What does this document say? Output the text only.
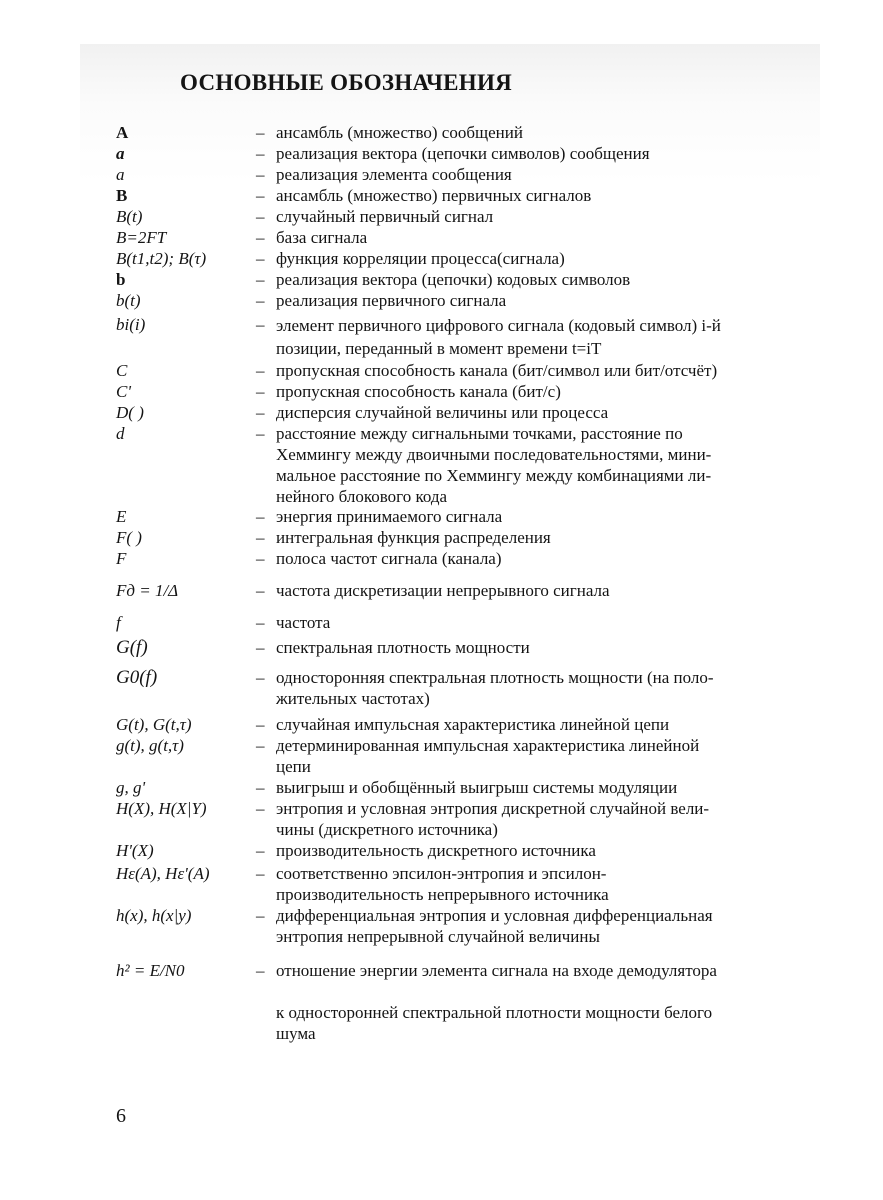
ОСНОВНЫЕ ОБОЗНАЧЕНИЯ
A	– ансамбль (множество) сообщений
a	– реализация вектора (цепочки символов) сообщения
a	– реализация элемента сообщения
B	– ансамбль (множество) первичных сигналов
B(t)	– случайный первичный сигнал
B=2FT	– база сигнала
B(t1,t2); B(τ)	– функция корреляции процесса(сигнала)
b	– реализация вектора (цепочки) кодовых символов
b(t)	– реализация первичного сигнала
bi(i)	– элемент первичного цифрового сигнала (кодовый символ) i-й
позиции, переданный в момент времени t=iT
C	– пропускная способность канала (бит/символ или бит/отсчёт)
C'	– пропускная способность канала (бит/с)
D( )	– дисперсия случайной величины или процесса
d	– расстояние между сигнальными точками, расстояние по
Хеммингу между двоичными последовательностями, мини-
мальное расстояние по Хеммингу между комбинациями ли-
нейного блокового кода
E	– энергия принимаемого сигнала
F( )	– интегральная функция распределения
F	– полоса частот сигнала (канала)
Fд = 1/Δ	– частота дискретизации непрерывного сигнала
f	– частота
G(f)	– спектральная плотность мощности
G0(f)	– односторонняя спектральная плотность мощности (на поло-
жительных частотах)
G(t), G(t,τ)	– случайная импульсная характеристика линейной цепи
g(t), g(t,τ)	– детерминированная импульсная характеристика линейной
цепи
g, g'	– выигрыш и обобщённый выигрыш системы модуляции
H(X), H(X|Y)	– энтропия и условная энтропия дискретной случайной вели-
чины (дискретного источника)
H'(X)	– производительность дискретного источника
Hε(A), Hε'(A)	– соответственно эпсилон-энтропия и эпсилон-
производительность непрерывного источника
h(x), h(x|y)	– дифференциальная энтропия и условная дифференциальная
энтропия непрерывной случайной величины
h² = E/N0	– отношение энергии элемента сигнала на входе демодулятора

к односторонней спектральной плотности мощности белого
шума
6
